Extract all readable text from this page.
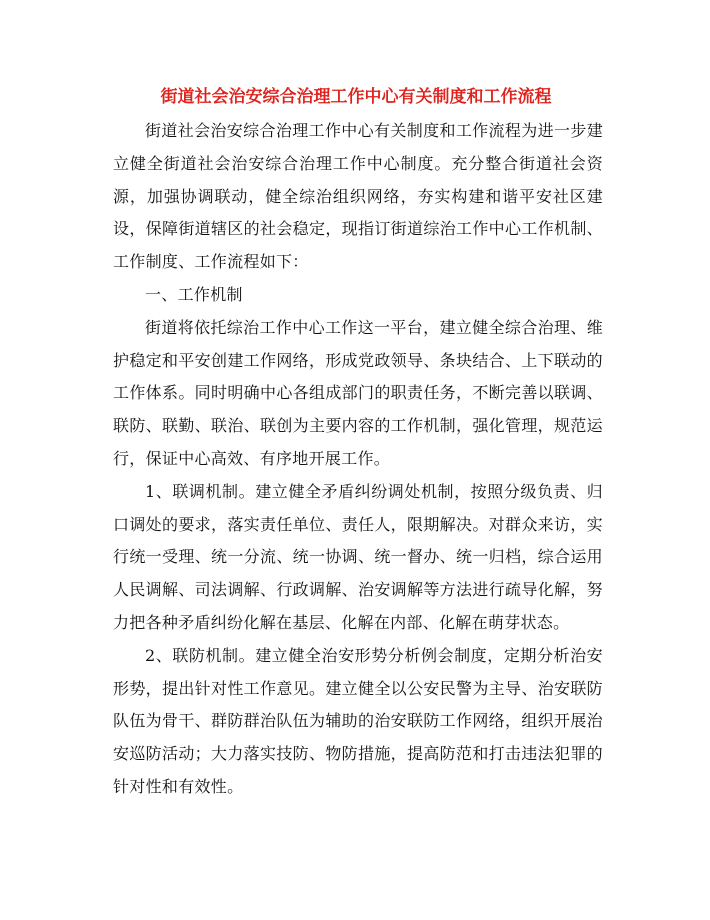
街道社会治安综合治理工作中心有关制度和工作流程

街道社会治安综合治理工作中心有关制度和工作流程为进一步建立健全街道社会治安综合治理工作中心制度。充分整合街道社会资源，加强协调联动，健全综治组织网络，夯实构建和谐平安社区建设，保障街道辖区的社会稳定，现指订街道综治工作中心工作机制、工作制度、工作流程如下：

一、工作机制

街道将依托综治工作中心工作这一平台，建立健全综合治理、维护稳定和平安创建工作网络，形成党政领导、条块结合、上下联动的工作体系。同时明确中心各组成部门的职责任务，不断完善以联调、联防、联勤、联治、联创为主要内容的工作机制，强化管理，规范运行，保证中心高效、有序地开展工作。

1、联调机制。建立健全矛盾纠纷调处机制，按照分级负责、归口调处的要求，落实责任单位、责任人，限期解决。对群众来访，实行统一受理、统一分流、统一协调、统一督办、统一归档，综合运用人民调解、司法调解、行政调解、治安调解等方法进行疏导化解，努力把各种矛盾纠纷化解在基层、化解在内部、化解在萌芽状态。

2、联防机制。建立健全治安形势分析例会制度，定期分析治安形势，提出针对性工作意见。建立健全以公安民警为主导、治安联防队伍为骨干、群防群治队伍为辅助的治安联防工作网络，组织开展治安巡防活动；大力落实技防、物防措施，提高防范和打击违法犯罪的针对性和有效性。
